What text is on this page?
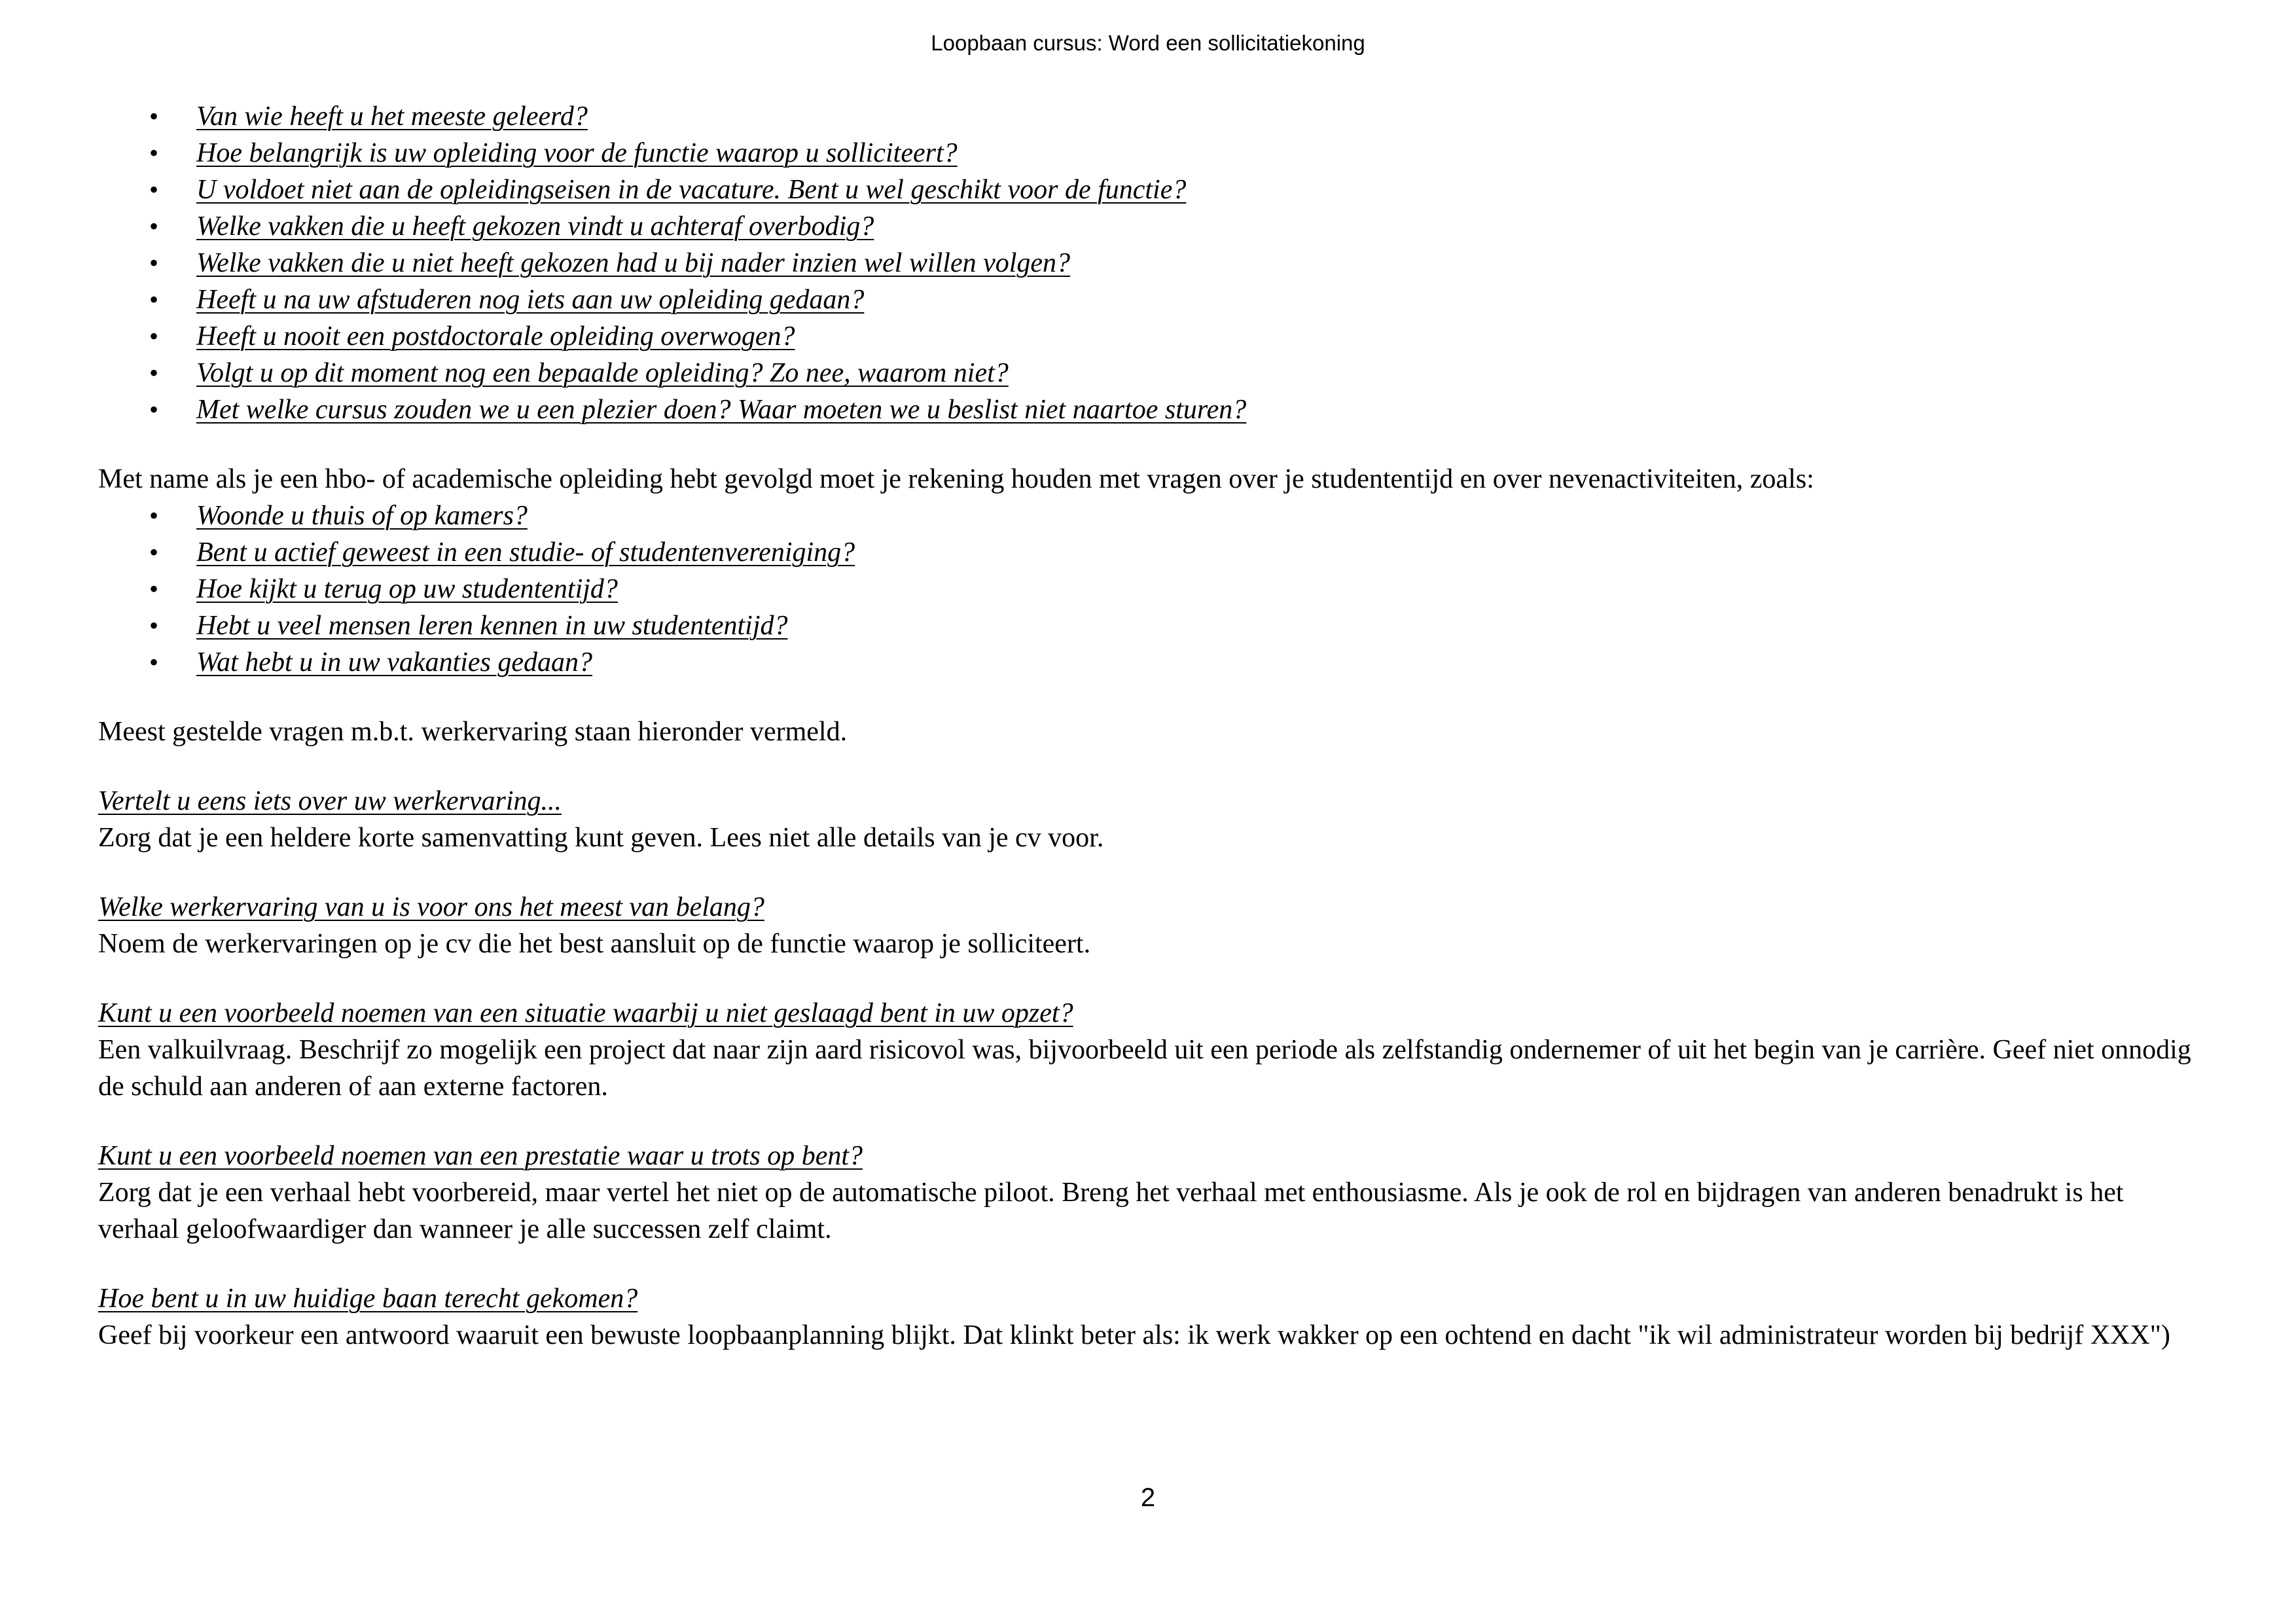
Loopbaan cursus: Word een sollicitatiekoning
• Van wie heeft u het meeste geleerd?
• Hoe belangrijk is uw opleiding voor de functie waarop u solliciteert?
• U voldoet niet aan de opleidingseisen in de vacature. Bent u wel geschikt voor de functie?
• Welke vakken die u heeft gekozen vindt u achteraf overbodig?
• Welke vakken die u niet heeft gekozen had u bij nader inzien wel willen volgen?
• Heeft u na uw afstuderen nog iets aan uw opleiding gedaan?
• Heeft u nooit een postdoctorale opleiding overwogen?
• Volgt u op dit moment nog een bepaalde opleiding? Zo nee, waarom niet?
• Met welke cursus zouden we u een plezier doen? Waar moeten we u beslist niet naartoe sturen?

Met name als je een hbo- of academische opleiding hebt gevolgd moet je rekening houden met vragen over je studententijd en over nevenactiviteiten, zoals:

• Woonde u thuis of op kamers?
• Bent u actief geweest in een studie- of studentenvereniging?
• Hoe kijkt u terug op uw studententijd?
• Hebt u veel mensen leren kennen in uw studententijd?
• Wat hebt u in uw vakanties gedaan?

Meest gestelde vragen m.b.t. werkervaring staan hieronder vermeld.

Vertelt u eens iets over uw werkervaring...

Zorg dat je een heldere korte samenvatting kunt geven. Lees niet alle details van je cv voor.

Welke werkervaring van u is voor ons het meest van belang?

Noem de werkervaringen op je cv die het best aansluit op de functie waarop je solliciteert.

Kunt u een voorbeeld noemen van een situatie waarbij u niet geslaagd bent in uw opzet?

Een valkuilvraag. Beschrijf zo mogelijk een project dat naar zijn aard risicovol was, bijvoorbeeld uit een periode als zelfstandig ondernemer of uit het begin van je carrière. Geef niet onnodig de schuld aan anderen of aan externe factoren.

Kunt u een voorbeeld noemen van een prestatie waar u trots op bent?

Zorg dat je een verhaal hebt voorbereid, maar vertel het niet op de automatische piloot. Breng het verhaal met enthousiasme. Als je ook de rol en bijdragen van anderen benadrukt is het verhaal geloofwaardiger dan wanneer je alle successen zelf claimt.

Hoe bent u in uw huidige baan terecht gekomen?

Geef bij voorkeur een antwoord waaruit een bewuste loopbaanplanning blijkt. Dat klinkt beter als: ik werk wakker op een ochtend en dacht "ik wil administrateur worden bij bedrijf XXX")

2
